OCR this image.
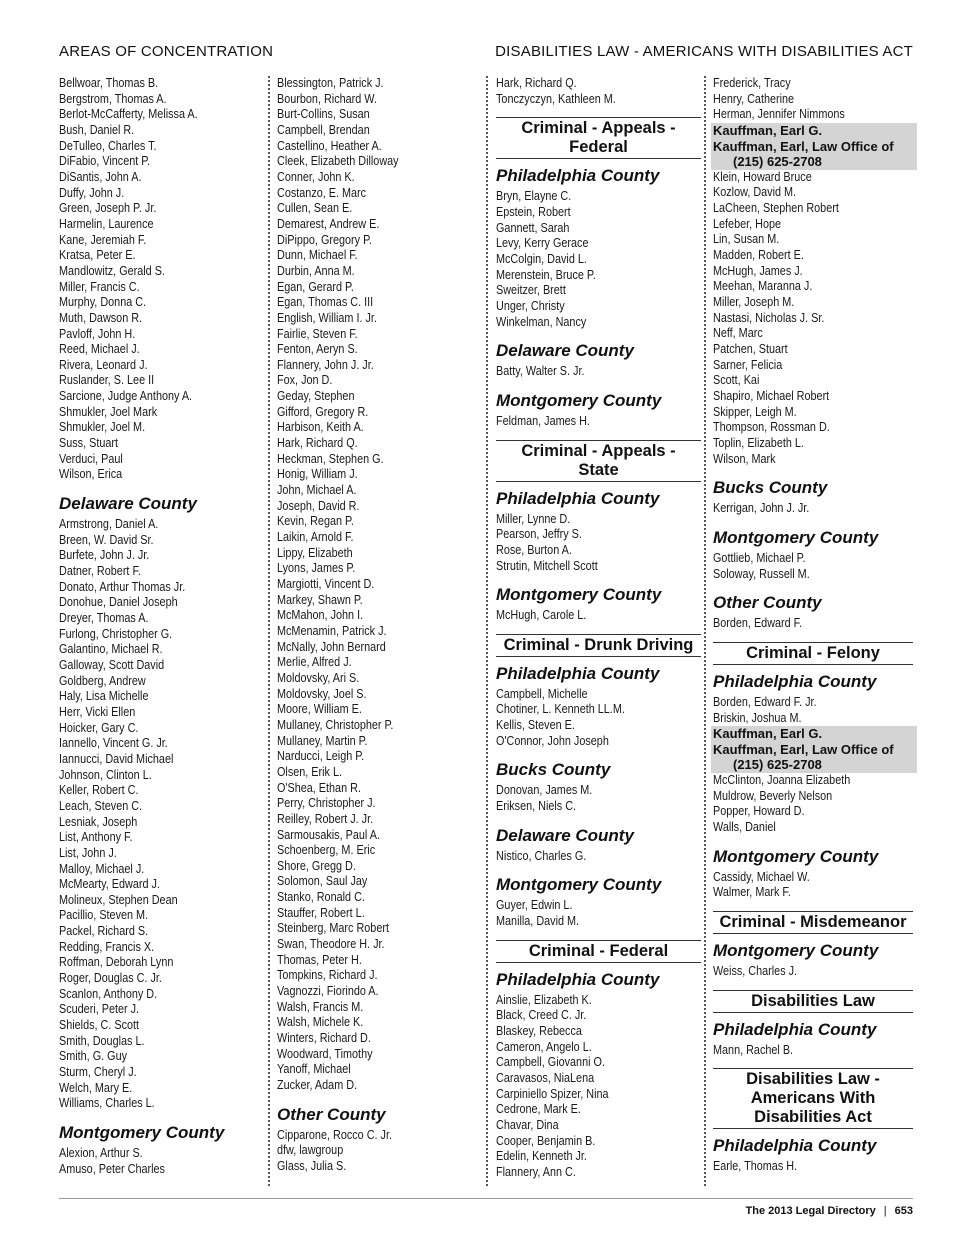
AREAS OF CONCENTRATION	DISABILITIES LAW - AMERICANS WITH DISABILITIES ACT
Bellwoar, Thomas B.
Bergstrom, Thomas A.
Berlot-McCafferty, Melissa A.
Bush, Daniel R.
DeTulleo, Charles T.
DiFabio, Vincent P.
DiSantis, John A.
Duffy, John J.
Green, Joseph P. Jr.
Harmelin, Laurence
Kane, Jeremiah F.
Kratsa, Peter E.
Mandlowitz, Gerald S.
Miller, Francis C.
Murphy, Donna C.
Muth, Dawson R.
Pavloff, John H.
Reed, Michael J.
Rivera, Leonard J.
Ruslander, S. Lee II
Sarcione, Judge Anthony A.
Shmukler, Joel Mark
Shmukler, Joel M.
Suss, Stuart
Verduci, Paul
Wilson, Erica
Delaware County
Armstrong, Daniel A.
Breen, W. David Sr.
Burfete, John J. Jr.
Datner, Robert F.
Donato, Arthur Thomas Jr.
Donohue, Daniel Joseph
Dreyer, Thomas A.
Furlong, Christopher G.
Galantino, Michael R.
Galloway, Scott David
Goldberg, Andrew
Haly, Lisa Michelle
Herr, Vicki Ellen
Hoicker, Gary C.
Iannello, Vincent G. Jr.
Iannucci, David Michael
Johnson, Clinton L.
Keller, Robert C.
Leach, Steven C.
Lesniak, Joseph
List, Anthony F.
List, John J.
Malloy, Michael J.
McMearty, Edward J.
Molineux, Stephen Dean
Pacillio, Steven M.
Packel, Richard S.
Redding, Francis X.
Roffman, Deborah Lynn
Roger, Douglas C. Jr.
Scanlon, Anthony D.
Scuderi, Peter J.
Shields, C. Scott
Smith, Douglas L.
Smith, G. Guy
Sturm, Cheryl J.
Welch, Mary E.
Williams, Charles L.
Montgomery County
Alexion, Arthur S.
Amuso, Peter Charles
Blessington, Patrick J.
Bourbon, Richard W.
Burt-Collins, Susan
Campbell, Brendan
Castellino, Heather A.
Cleek, Elizabeth Dilloway
Conner, John K.
Costanzo, E. Marc
Cullen, Sean E.
Demarest, Andrew E.
DiPippo, Gregory P.
Dunn, Michael F.
Durbin, Anna M.
Egan, Gerard P.
Egan, Thomas C. III
English, William I. Jr.
Fairlie, Steven F.
Fenton, Aeryn S.
Flannery, John J. Jr.
Fox, Jon D.
Geday, Stephen
Gifford, Gregory R.
Harbison, Keith A.
Hark, Richard Q.
Heckman, Stephen G.
Honig, William J.
John, Michael A.
Joseph, David R.
Kevin, Regan P.
Laikin, Arnold F.
Lippy, Elizabeth
Lyons, James P.
Margiotti, Vincent D.
Markey, Shawn P.
McMahon, John I.
McMenamin, Patrick J.
McNally, John Bernard
Merlie, Alfred J.
Moldovsky, Ari S.
Moldovsky, Joel S.
Moore, William E.
Mullaney, Christopher P.
Mullaney, Martin P.
Narducci, Leigh P.
Olsen, Erik L.
O'Shea, Ethan R.
Perry, Christopher J.
Reilley, Robert J. Jr.
Sarmousakis, Paul A.
Schoenberg, M. Eric
Shore, Gregg D.
Solomon, Saul Jay
Stanko, Ronald C.
Stauffer, Robert L.
Steinberg, Marc Robert
Swan, Theodore H. Jr.
Thomas, Peter H.
Tompkins, Richard J.
Vagnozzi, Fiorindo A.
Walsh, Francis M.
Walsh, Michele K.
Winters, Richard D.
Woodward, Timothy
Yanoff, Michael
Zucker, Adam D.
Other County
Cipparone, Rocco C. Jr.
dfw, lawgroup
Glass, Julia S.
Hark, Richard Q.
Tonczyczyn, Kathleen M.
Criminal - Appeals -
Federal
Philadelphia County
Bryn, Elayne C.
Epstein, Robert
Gannett, Sarah
Levy, Kerry Gerace
McColgin, David L.
Merenstein, Bruce P.
Sweitzer, Brett
Unger, Christy
Winkelman, Nancy
Delaware County
Batty, Walter S. Jr.
Montgomery County
Feldman, James H.
Criminal - Appeals -
State
Philadelphia County
Miller, Lynne D.
Pearson, Jeffry S.
Rose, Burton A.
Strutin, Mitchell Scott
Montgomery County
McHugh, Carole L.
Criminal - Drunk Driving
Philadelphia County
Campbell, Michelle
Chotiner, L. Kenneth LL.M.
Kellis, Steven E.
O'Connor, John Joseph
Bucks County
Donovan, James M.
Eriksen, Niels C.
Delaware County
Nistico, Charles G.
Montgomery County
Guyer, Edwin L.
Manilla, David M.
Criminal - Federal
Philadelphia County
Ainslie, Elizabeth K.
Black, Creed C. Jr.
Blaskey, Rebecca
Cameron, Angelo L.
Campbell, Giovanni O.
Caravasos, NiaLena
Carpiniello Spizer, Nina
Cedrone, Mark E.
Chavar, Dina
Cooper, Benjamin B.
Edelin, Kenneth Jr.
Flannery, Ann C.
Frederick, Tracy
Henry, Catherine
Herman, Jennifer Nimmons
Kauffman, Earl G.
Kauffman, Earl, Law Office of
(215) 625-2708
Klein, Howard Bruce
Kozlow, David M.
LaCheen, Stephen Robert
Lefeber, Hope
Lin, Susan M.
Madden, Robert E.
McHugh, James J.
Meehan, Maranna J.
Miller, Joseph M.
Nastasi, Nicholas J. Sr.
Neff, Marc
Patchen, Stuart
Sarner, Felicia
Scott, Kai
Shapiro, Michael Robert
Skipper, Leigh M.
Thompson, Rossman D.
Toplin, Elizabeth L.
Wilson, Mark
Bucks County
Kerrigan, John J. Jr.
Montgomery County
Gottlieb, Michael P.
Soloway, Russell M.
Other County
Borden, Edward F.
Criminal - Felony
Philadelphia County
Borden, Edward F. Jr.
Briskin, Joshua M.
Kauffman, Earl G.
Kauffman, Earl, Law Office of
(215) 625-2708
McClinton, Joanna Elizabeth
Muldrow, Beverly Nelson
Popper, Howard D.
Walls, Daniel
Montgomery County
Cassidy, Michael W.
Walmer, Mark F.
Criminal - Misdemeanor
Montgomery County
Weiss, Charles J.
Disabilities Law
Philadelphia County
Mann, Rachel B.
Disabilities Law -
Americans With
Disabilities Act
Philadelphia County
Earle, Thomas H.
The 2013 Legal Directory | 653
